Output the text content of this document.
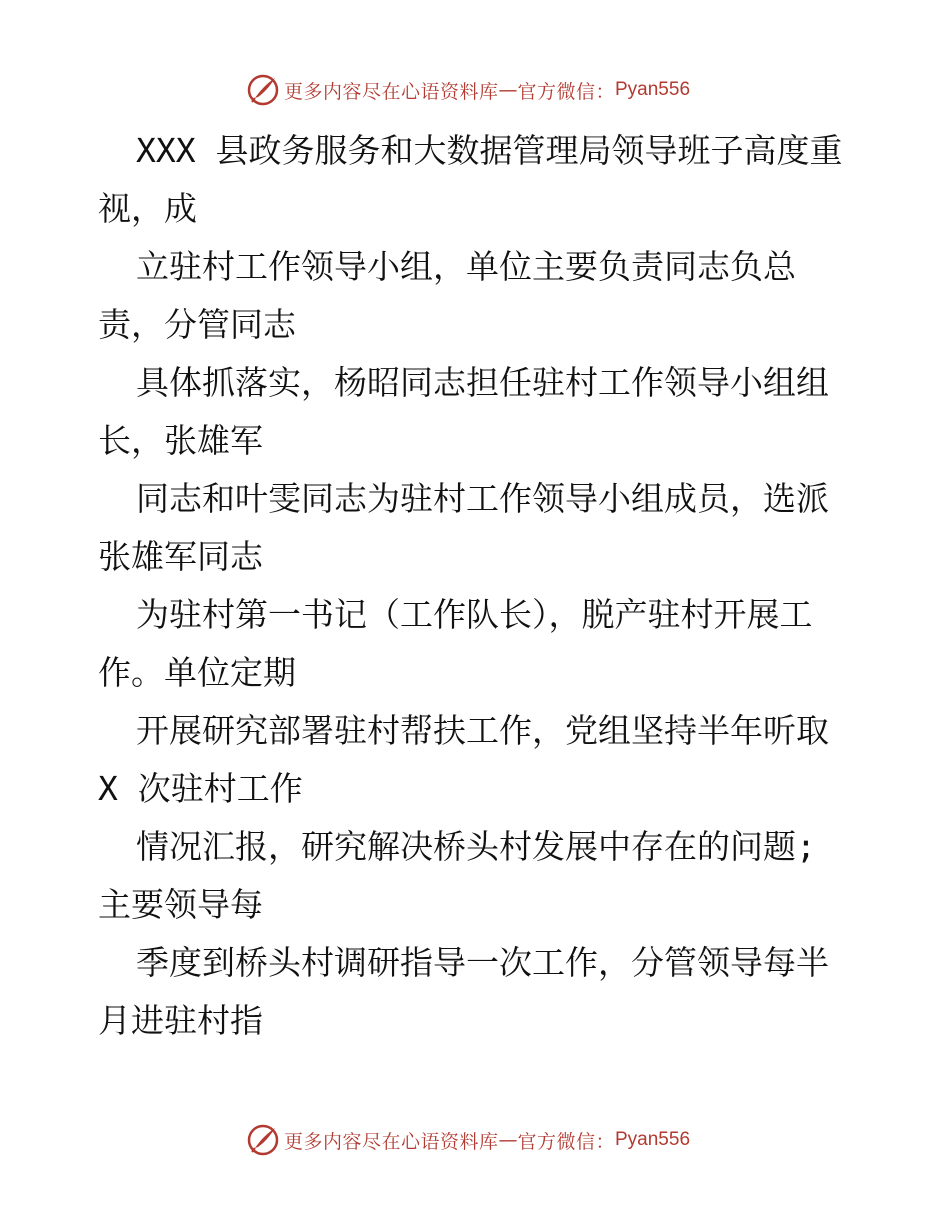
更多内容尽在心语资料库 — 官方微信： Pyan556
XXX 县政务服务和大数据管理局领导班子高度重
视，成
立驻村工作领导小组，单位主要负责同志负总
责，分管同志
具体抓落实，杨昭同志担任驻村工作领导小组组
长，张雄军
同志和叶雯同志为驻村工作领导小组成员，选派
张雄军同志
为驻村第一书记（工作队长），脱产驻村开展工
作。单位定期
开展研究部署驻村帮扶工作，党组坚持半年听取
X 次驻村工作
情况汇报，研究解决桥头村发展中存在的问题;
主要领导每
季度到桥头村调研指导一次工作，分管领导每半
月进驻村指
更多内容尽在心语资料库 — 官方微信： Pyan556
